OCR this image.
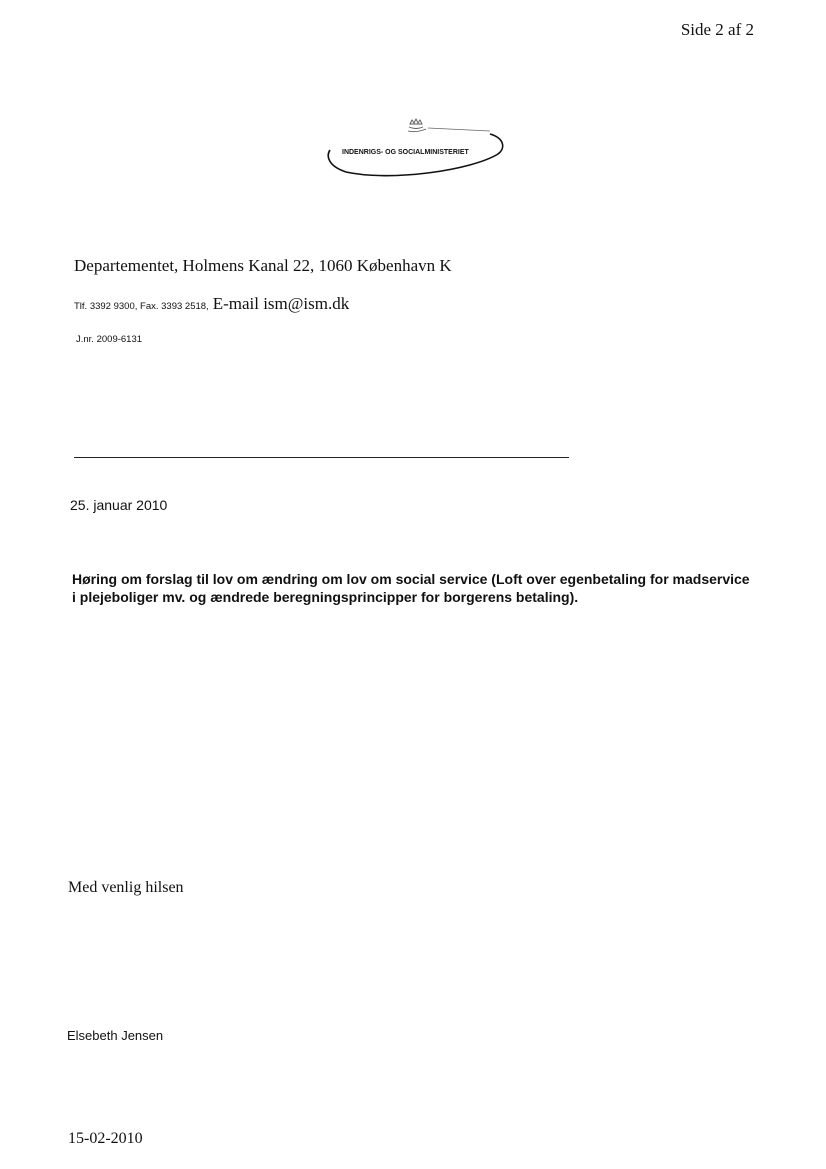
Side 2 af 2
INDENRIGS- OG SOCIALMINISTERIET
Departementet, Holmens Kanal 22, 1060 København K
Tlf. 3392 9300, Fax. 3393 2518, E-mail ism@ism.dk
J.nr. 2009-6131
25. januar 2010
Høring om forslag til lov om ændring om lov om social service (Loft over egenbetaling for madservice
i plejeboliger mv. og ændrede beregningsprincipper for borgerens betaling).
Med venlig hilsen
Elsebeth Jensen
15-02-2010
